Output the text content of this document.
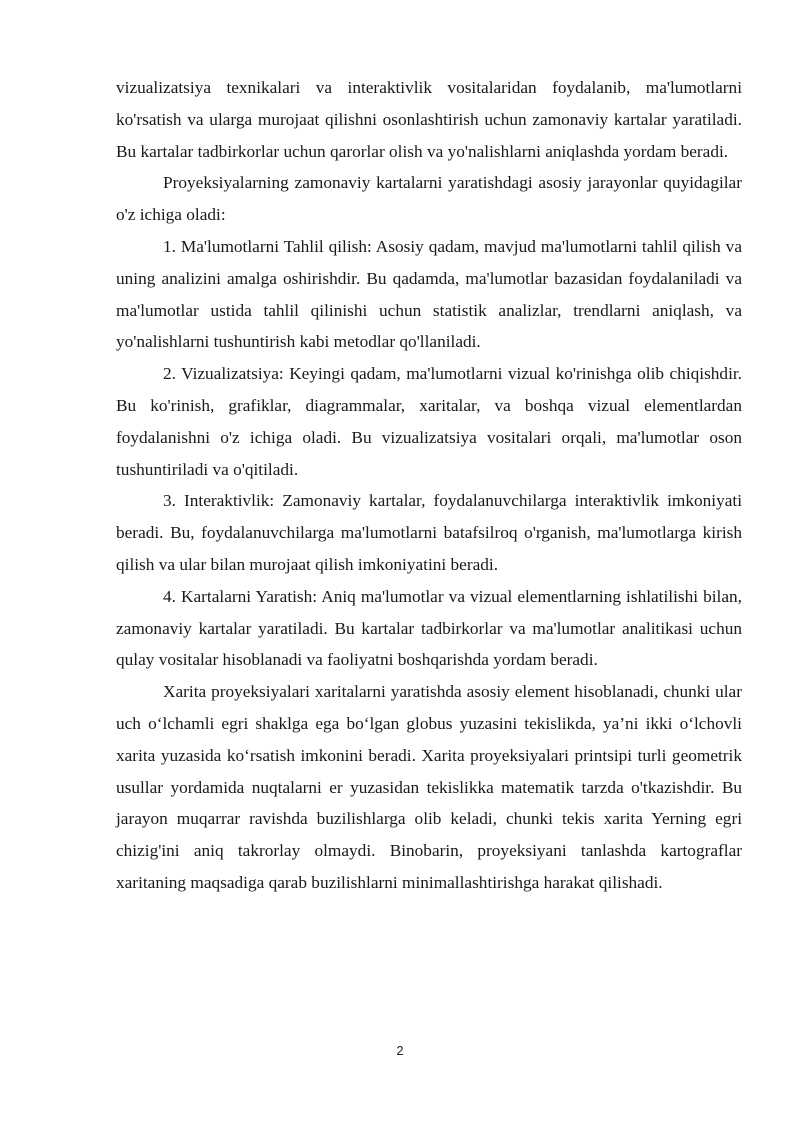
vizualizatsiya texnikalari va interaktivlik vositalaridan foydalanib, ma'lumotlarni ko'rsatish va ularga murojaat qilishni osonlashtirish uchun zamonaviy kartalar yaratiladi. Bu kartalar tadbirkorlar uchun qarorlar olish va yo'nalishlarni aniqlashda yordam beradi.

Proyeksiyalarning zamonaviy kartalarni yaratishdagi asosiy jarayonlar quyidagilar o'z ichiga oladi:

1. Ma'lumotlarni Tahlil qilish: Asosiy qadam, mavjud ma'lumotlarni tahlil qilish va uning analizini amalga oshirishdir. Bu qadamda, ma'lumotlar bazasidan foydalaniladi va ma'lumotlar ustida tahlil qilinishi uchun statistik analizlar, trendlarni aniqlash, va yo'nalishlarni tushuntirish kabi metodlar qo'llaniladi.

2. Vizualizatsiya: Keyingi qadam, ma'lumotlarni vizual ko'rinishga olib chiqishdir. Bu ko'rinish, grafiklar, diagrammalar, xaritalar, va boshqa vizual elementlardan foydalanishni o'z ichiga oladi. Bu vizualizatsiya vositalari orqali, ma'lumotlar oson tushuntiriladi va o'qitiladi.

3. Interaktivlik: Zamonaviy kartalar, foydalanuvchilarga interaktivlik imkoniyati beradi. Bu, foydalanuvchilarga ma'lumotlarni batafsilroq o'rganish, ma'lumotlarga kirish qilish va ular bilan murojaat qilish imkoniyatini beradi.

4. Kartalarni Yaratish: Aniq ma'lumotlar va vizual elementlarning ishlatilishi bilan, zamonaviy kartalar yaratiladi. Bu kartalar tadbirkorlar va ma'lumotlar analitikasi uchun qulay vositalar hisoblanadi va faoliyatni boshqarishda yordam beradi.

Xarita proyeksiyalari xaritalarni yaratishda asosiy element hisoblanadi, chunki ular uch o‘lchamli egri shaklga ega bo‘lgan globus yuzasini tekislikda, ya’ni ikki o‘lchovli xarita yuzasida ko‘rsatish imkonini beradi. Xarita proyeksiyalari printsipi turli geometrik usullar yordamida nuqtalarni er yuzasidan tekislikka matematik tarzda o'tkazishdir. Bu jarayon muqarrar ravishda buzilishlarga olib keladi, chunki tekis xarita Yerning egri chizig'ini aniq takrorlay olmaydi. Binobarin, proyeksiyani tanlashda kartograflar xaritaning maqsadiga qarab buzilishlarni minimallashtirishga harakat qilishadi.

2
